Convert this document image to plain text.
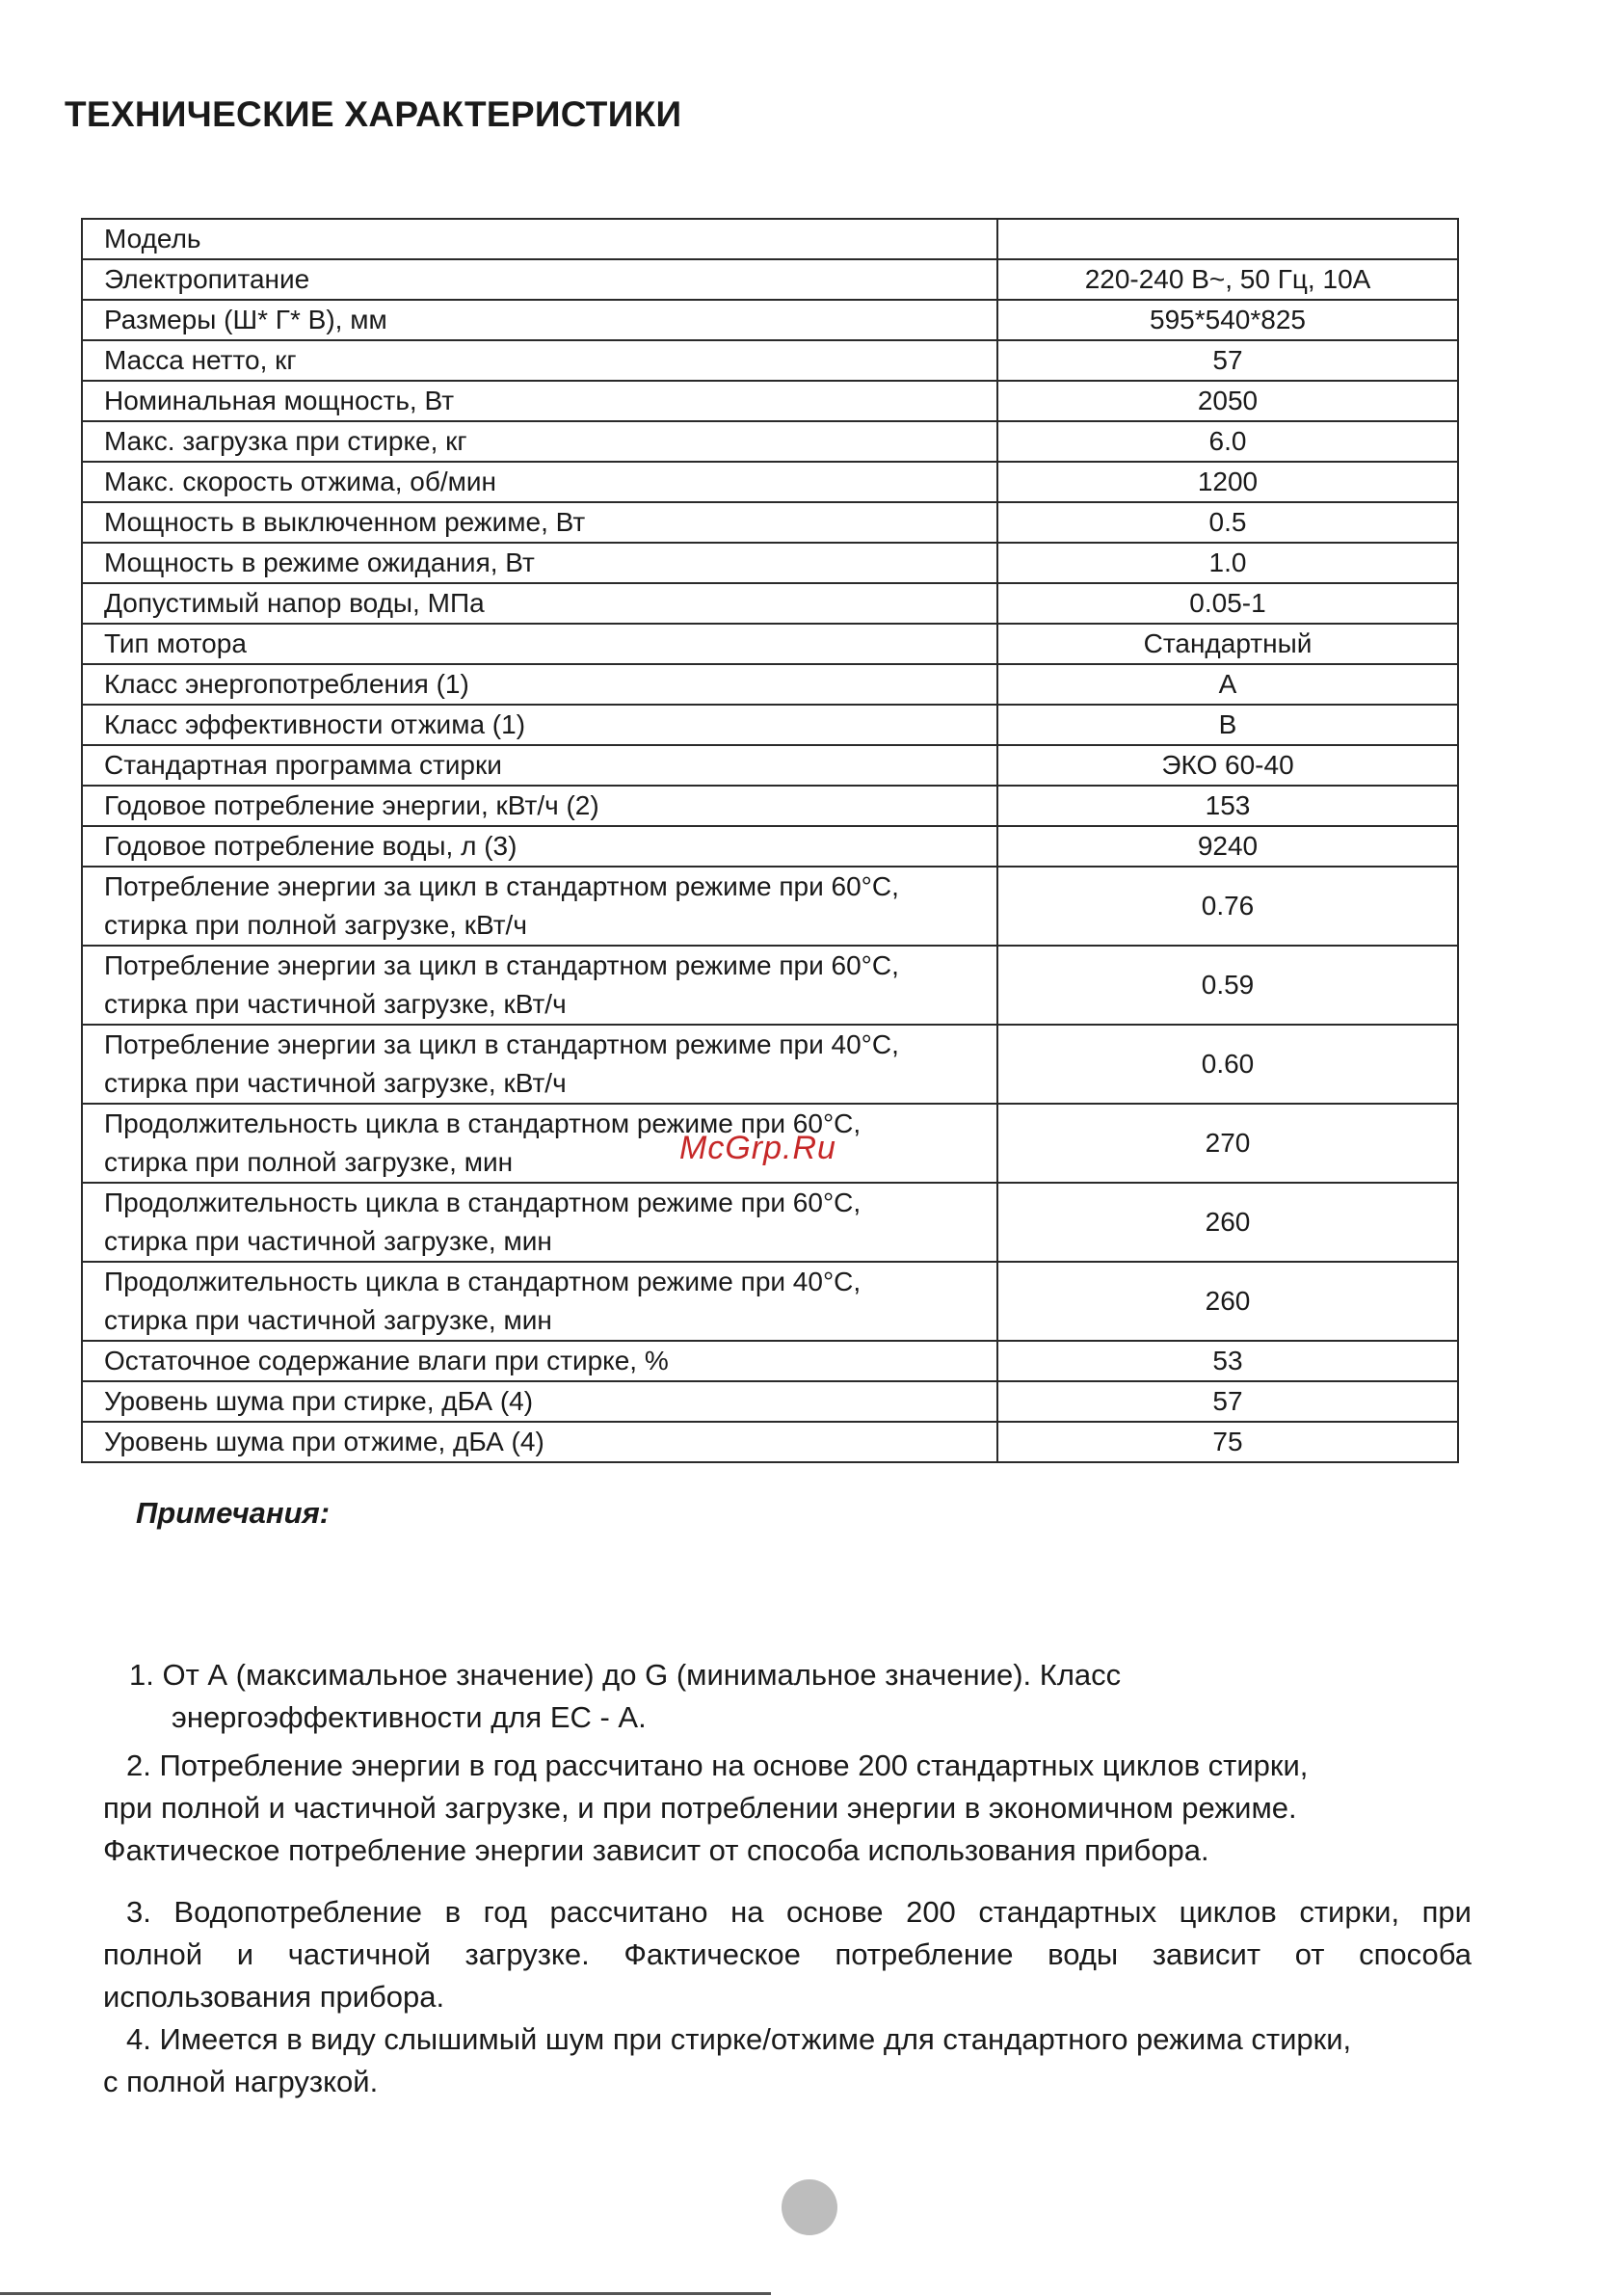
ТЕХНИЧЕСКИЕ ХАРАКТЕРИСТИКИ
Модель	

Электропитание	220-240 В~, 50 Гц, 10А

Размеры (Ш* Г* В), мм	595*540*825

Масса нетто, кг	57

Номинальная мощность, Вт	2050

Макс. загрузка при стирке, кг	6.0

Макс. скорость отжима, об/мин	1200

Мощность в выключенном режиме, Вт	0.5

Мощность в режиме ожидания, Вт	1.0

Допустимый напор воды, МПа	0.05-1

Тип мотора	Стандартный

Класс энергопотребления (1)	А

Класс эффективности отжима (1)	В

Стандартная программа стирки	ЭКО 60-40

Годовое потребление энергии, кВт/ч (2)	153

Годовое потребление воды, л (3)	9240

Потребление энергии за цикл в стандартном режиме при 60°С,
стирка при полной загрузке, кВт/ч	0.76

Потребление энергии за цикл в стандартном режиме при 60°С,
стирка при частичной загрузке, кВт/ч	0.59

Потребление энергии за цикл в стандартном режиме при 40°С,
стирка при частичной загрузке, кВт/ч	0.60

Продолжительность цикла в стандартном режиме при 60°С,
стирка при полной загрузке, мин	270

Продолжительность цикла в стандартном режиме при 60°С,
стирка при частичной загрузке, мин	260

Продолжительность цикла в стандартном режиме при 40°С,
стирка при частичной загрузке, мин	260

Остаточное содержание влаги при стирке, %	53

Уровень шума при стирке, дБА (4)	57

Уровень шума при отжиме, дБА (4)	75
Примечания:
1. От А (максимальное значение) до G (минимальное значение). Класс
энергоэффективности для ЕС - А.
2. Потребление энергии в год рассчитано на основе 200 стандартных циклов стирки,
при полной и частичной загрузке, и при потреблении энергии в экономичном режиме.
Фактическое потребление энергии зависит от способа использования прибора.
3. Водопотребление в год рассчитано на основе 200 стандартных циклов стирки, при
полной и частичной загрузке. Фактическое потребление воды зависит от способа
использования прибора.
4. Имеется в виду слышимый шум при стирке/отжиме для стандартного режима стирки,
с полной нагрузкой.
McGrp.Ru
